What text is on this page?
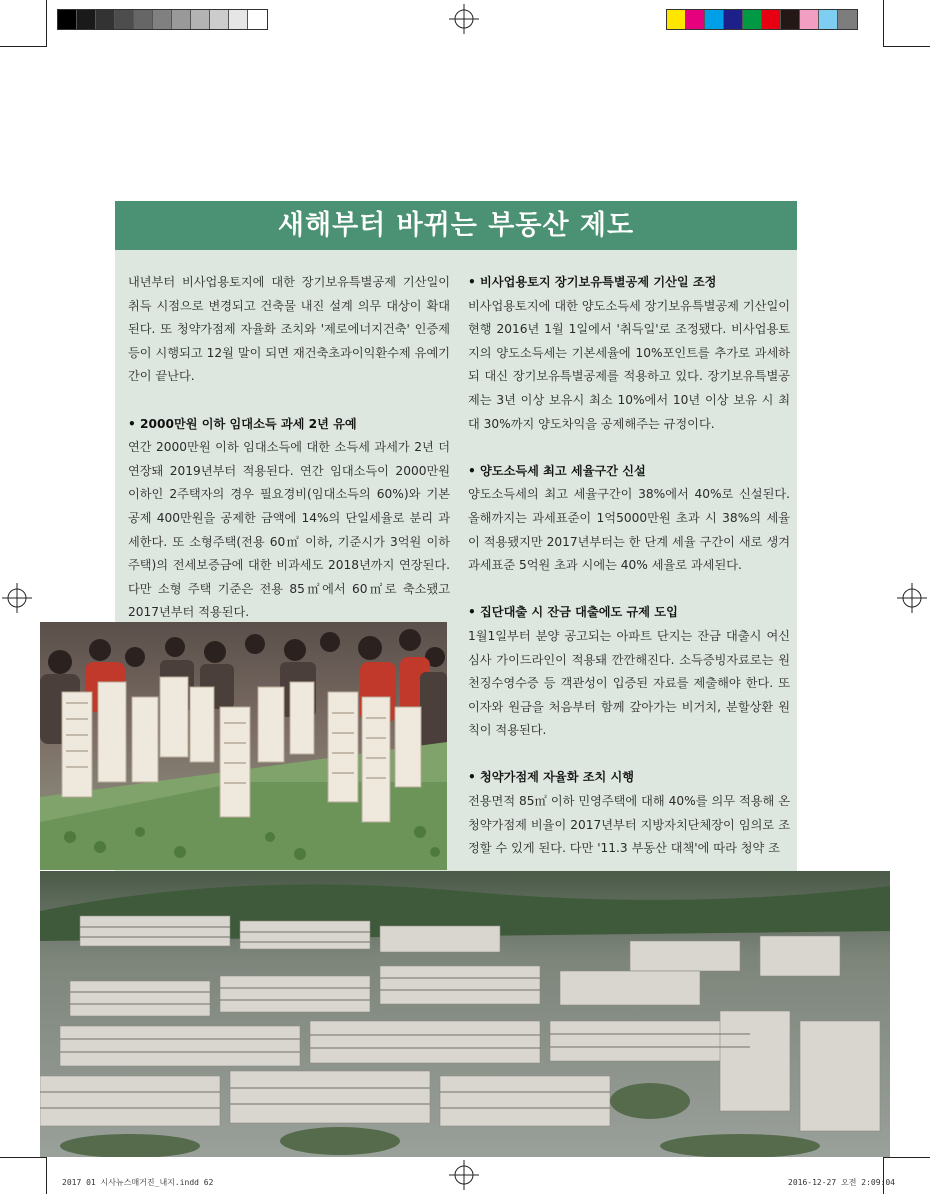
새해부터 바뀌는 부동산 제도

내년부터 비사업용토지에 대한 장기보유특별공제 기산일이 취득 시점으로 변경되고 건축물 내진 설계 의무 대상이 확대된다. 또 청약가점제 자율화 조치와 '제로에너지건축' 인증제 등이 시행되고 12월 말이 되면 재건축초과이익환수제 유예기간이 끝난다.

• 2000만원 이하 임대소득 과세 2년 유예

연간 2000만원 이하 임대소득에 대한 소득세 과세가 2년 더 연장돼 2019년부터 적용된다. 연간 임대소득이 2000만원 이하인 2주택자의 경우 필요경비(임대소득의 60%)와 기본공제 400만원을 공제한 금액에 14%의 단일세율로 분리 과세한다. 또 소형주택(전용 60㎡ 이하, 기준시가 3억원 이하 주택)의 전세보증금에 대한 비과세도 2018년까지 연장된다. 다만 소형 주택 기준은 전용 85㎡에서 60㎡로 축소됐고 2017년부터 적용된다.

• 비사업용토지 장기보유특별공제 기산일 조정

비사업용토지에 대한 양도소득세 장기보유특별공제 기산일이 현행 2016년 1월 1일에서 '취득일'로 조정됐다. 비사업용토지의 양도소득세는 기본세율에 10%포인트를 추가로 과세하되 대신 장기보유특별공제를 적용하고 있다. 장기보유특별공제는 3년 이상 보유시 최소 10%에서 10년 이상 보유 시 최대 30%까지 양도차익을 공제해주는 규정이다.

• 양도소득세 최고 세율구간 신설

양도소득세의 최고 세율구간이 38%에서 40%로 신설된다. 올해까지는 과세표준이 1억5000만원 초과 시 38%의 세율이 적용됐지만 2017년부터는 한 단계 세율 구간이 새로 생겨 과세표준 5억원 초과 시에는 40% 세율로 과세된다.

• 집단대출 시 잔금 대출에도 규제 도입

1월1일부터 분양 공고되는 아파트 단지는 잔금 대출시 여신심사 가이드라인이 적용돼 깐깐해진다. 소득증빙자료로는 원천징수영수증 등 객관성이 입증된 자료를 제출해야 한다. 또 이자와 원금을 처음부터 함께 갚아가는 비거치, 분할상환 원칙이 적용된다.

• 청약가점제 자율화 조치 시행

전용면적 85㎡ 이하 민영주택에 대해 40%를 의무 적용해 온 청약가점제 비율이 2017년부터 지방자치단체장이 임의로 조정할 수 있게 된다. 다만 '11.3 부동산 대책'에 따라 청약 조

2017 01 시사뉴스매거진_내지.indd 62	2016-12-27 오전 2:09:04
